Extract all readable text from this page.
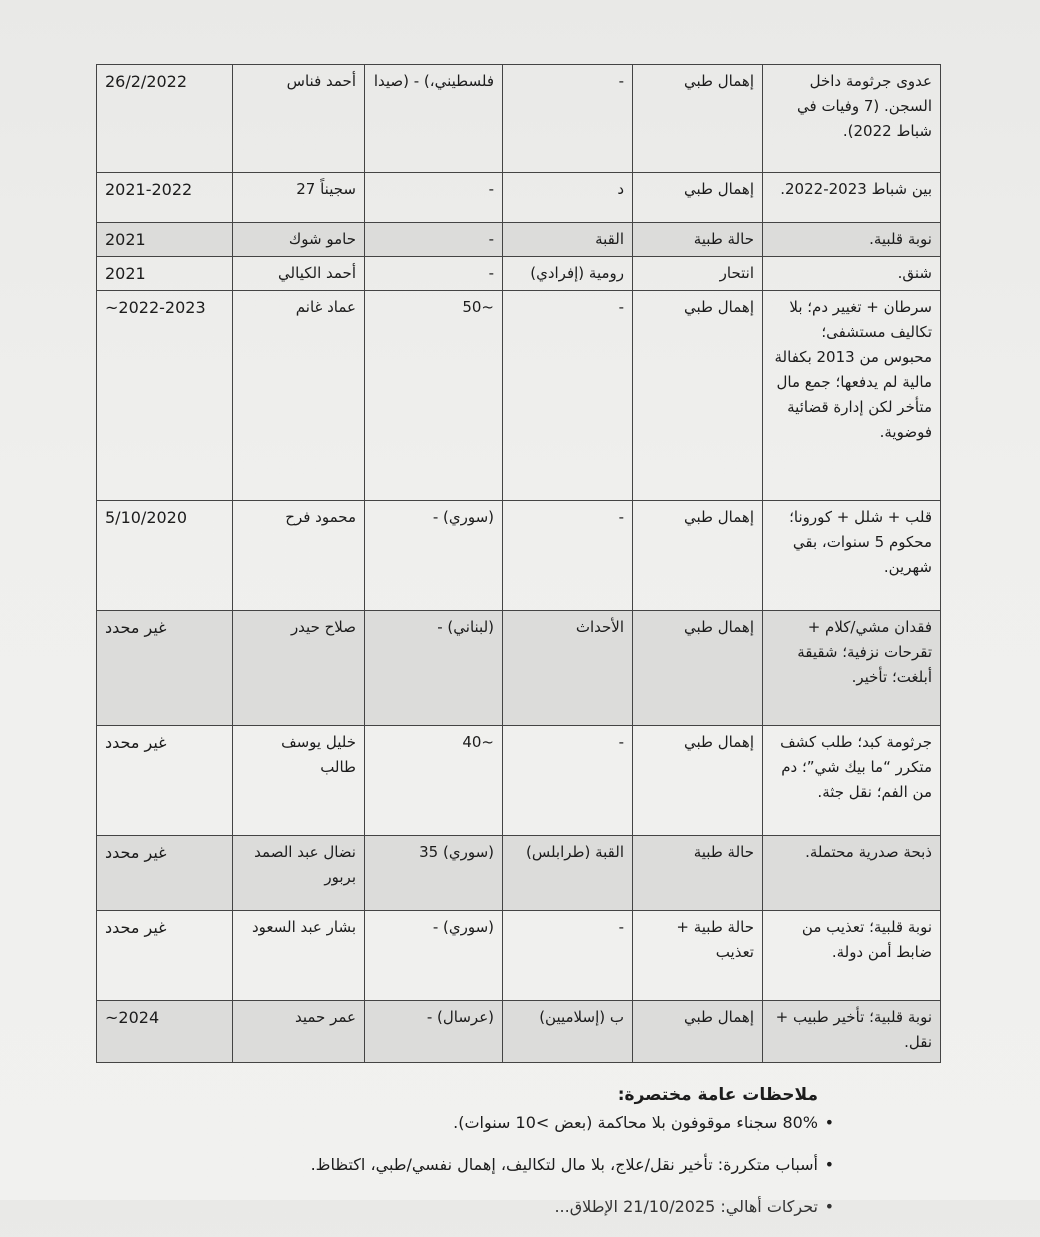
26/2/2022	أحمد فناس	فلسطيني،) - (صيدا	-	إهمال طبي	عدوى جرثومة داخل السجن. (7 وفيات في شباط 2022).
2021-2022	سجيناً 27	-	د	إهمال طبي	بين شباط 2023-2022.
2021	حامو شوك	-	القبة	حالة طبية	نوبة قلبية.
2021	أحمد الكيالي	-	رومية (إفرادي)	انتحار	شنق.
~2022-2023	عماد غانم	~50	-	إهمال طبي	سرطان + تغيير دم؛ بلا تكاليف مستشفى؛ محبوس من 2013 بكفالة مالية لم يدفعها؛ جمع مال متأخر لكن إدارة قضائية فوضوية.
5/10/2020	محمود فرح	(سوري) -	-	إهمال طبي	قلب + شلل + كورونا؛ محكوم 5 سنوات، بقي شهرين.
غير محدد	صلاح حيدر	(لبناني) -	الأحداث	إهمال طبي	فقدان مشي/كلام + تقرحات نزفية؛ شقيقة أبلغت؛ تأخير.
غير محدد	خليل يوسف طالب	~40	-	إهمال طبي	جرثومة كبد؛ طلب كشف متكرر “ما بيك شي”؛ دم من الفم؛ نقل جثة.
غير محدد	نضال عبد الصمد بربور	(سوري) 35	القبة (طرابلس)	حالة طبية	ذبحة صدرية محتملة.
غير محدد	بشار عبد السعود	(سوري) -	-	حالة طبية + تعذيب	نوبة قلبية؛ تعذيب من ضابط أمن دولة.
~2024	عمر حميد	(عرسال) -	ب (إسلاميين)	إهمال طبي	نوبة قلبية؛ تأخير طبيب + نقل.
ملاحظات عامة مختصرة:
80% سجناء موقوفون بلا محاكمة (بعض >10 سنوات). •
أسباب متكررة: تأخير نقل/علاج، بلا مال لتكاليف، إهمال نفسي/طبي، اكتظاظ. •
تحركات أهالي: 21/10/2025 الإطلاق... •
